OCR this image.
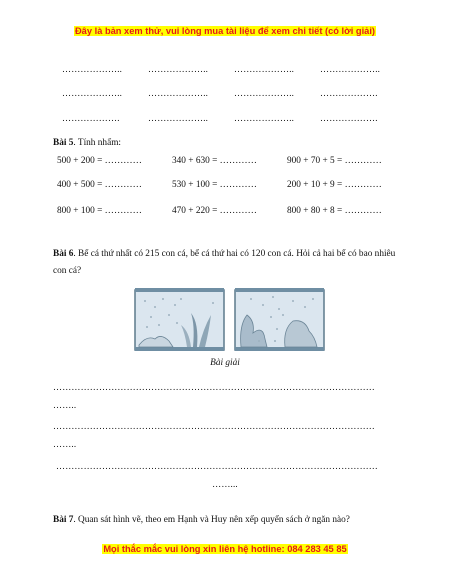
Đây là bản xem thử, vui lòng mua tài liệu để xem chi tiết (có lời giải)
………………..	………………..	………………..	………………..
………………..	………………..	………………..	……………….
……………….	………………..	………………..	……………….
Bài 5. Tính nhẩm:
500 + 200 = …………	340 + 630 = …………	900 + 70 + 5 = …………
400 + 500 = …………	530 + 100 = …………	200 + 10 + 9 = …………
800 + 100 = …………	470 + 220 = …………	800 + 80 + 8 = …………
Bài 6. Bể cá thứ nhất có 215 con cá, bể cá thứ hai có 120 con cá. Hỏi cả hai bể có bao nhiêu con cá?
Bài giải
……………………………………………………………………………………………
……..
……………………………………………………………………………………………
……..
……………………………………………………………………………………………
……...
Bài 7. Quan sát hình vẽ, theo em Hạnh và Huy nên xếp quyển sách ở ngăn nào?
Mọi thắc mắc vui lòng xin liên hệ hotline: 084 283 45 85
